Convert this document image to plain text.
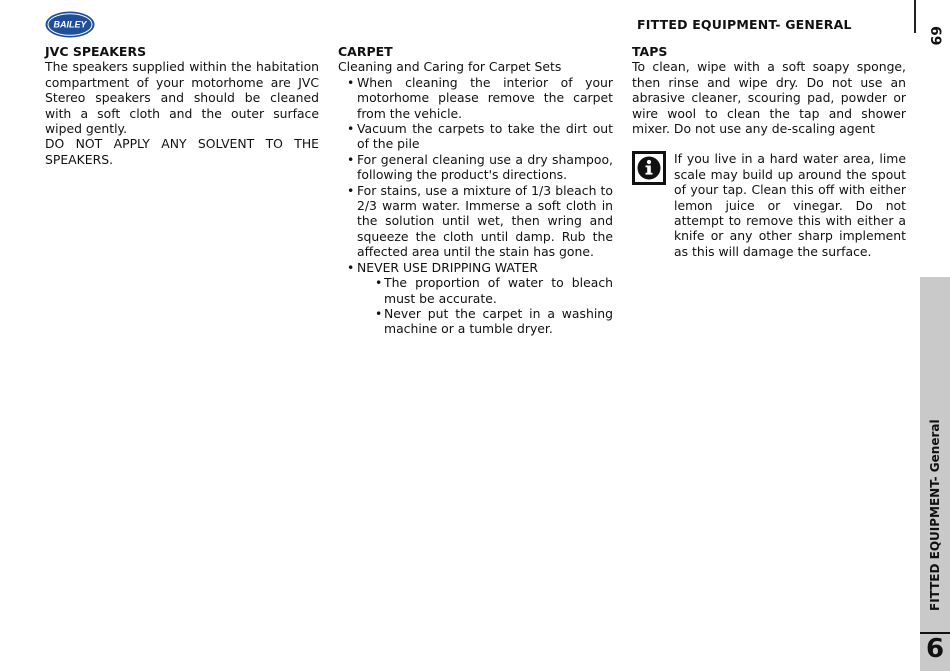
BAILEY	FITTED EQUIPMENT- GENERAL
69
JVC SPEAKERS

The speakers supplied within the habitation compartment of your motorhome are JVC Stereo speakers and should be cleaned with a soft cloth and the outer surface wiped gently.

DO NOT APPLY ANY SOLVENT TO THE SPEAKERS.

CARPET
Cleaning and Caring for Carpet Sets
• When cleaning the interior of your motorhome please remove the carpet from the vehicle.
• Vacuum the carpets to take the dirt out of the pile
• For general cleaning use a dry shampoo, following the product's directions.
• For stains, use a mixture of 1/3 bleach to 2/3 warm water. Immerse a soft cloth in the solution until wet, then wring and squeeze the cloth until damp. Rub the affected area until the stain has gone.
• NEVER USE DRIPPING WATER
• The proportion of water to bleach must be accurate.
• Never put the carpet in a washing machine or a tumble dryer.
TAPS

To clean, wipe with a soft soapy sponge, then rinse and wipe dry. Do not use an abrasive cleaner, scouring pad, powder or wire wool to clean the tap and shower mixer. Do not use any de-scaling agent

If you live in a hard water area, lime scale may build up around the spout of your tap. Clean this off with either lemon juice or vinegar. Do not attempt to remove this with either a knife or any other sharp implement as this will damage the surface.
FITTED EQUIPMENT- General
6
